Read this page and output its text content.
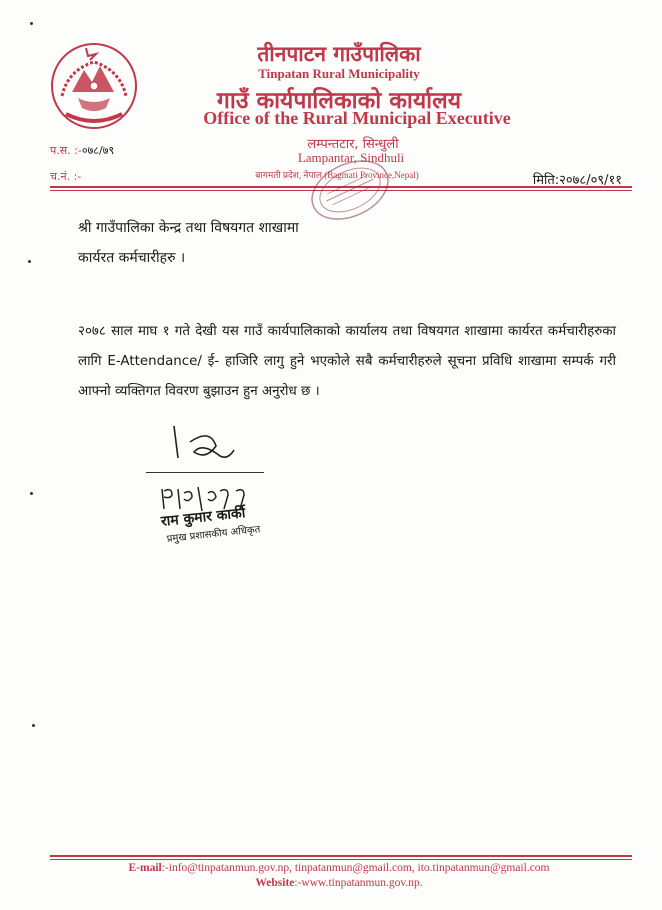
तीनपाटन गाउँपालिका
Tinpatan Rural Municipality
गाउँ कार्यपालिकाको कार्यालय
Office of the Rural Municipal Executive
लम्पन्तटार, सिन्धुली
Lampantar, Sindhuli
बागमती प्रदेश, नेपाल (Bagmati Province,Nepal)
प.स. :-०७८/७९
च.नं. :-	मिति:२०७८/०९/११
श्री गाउँपालिका केन्द्र तथा विषयगत शाखामा
कार्यरत कर्मचारीहरु ।
२०७८ साल माघ १ गते देखी यस गाउँ कार्यपालिकाको कार्यालय तथा विषयगत शाखामा कार्यरत कर्मचारीहरुका लागि E-Attendance/ ई- हाजिरि लागु हुने भएकोले सबै कर्मचारीहरुले सूचना प्रविधि शाखामा सम्पर्क गरी आफ्नो व्यक्तिगत विवरण बुझाउन हुन अनुरोध छ ।
राम कुमार कार्की
प्रमुख प्रशासकीय अधिकृत
E-mail:-info@tinpatanmun.gov.np, tinpatanmun@gmail.com, ito.tinpatanmun@gmail.com
Website:-www.tinpatanmun.gov.np.
